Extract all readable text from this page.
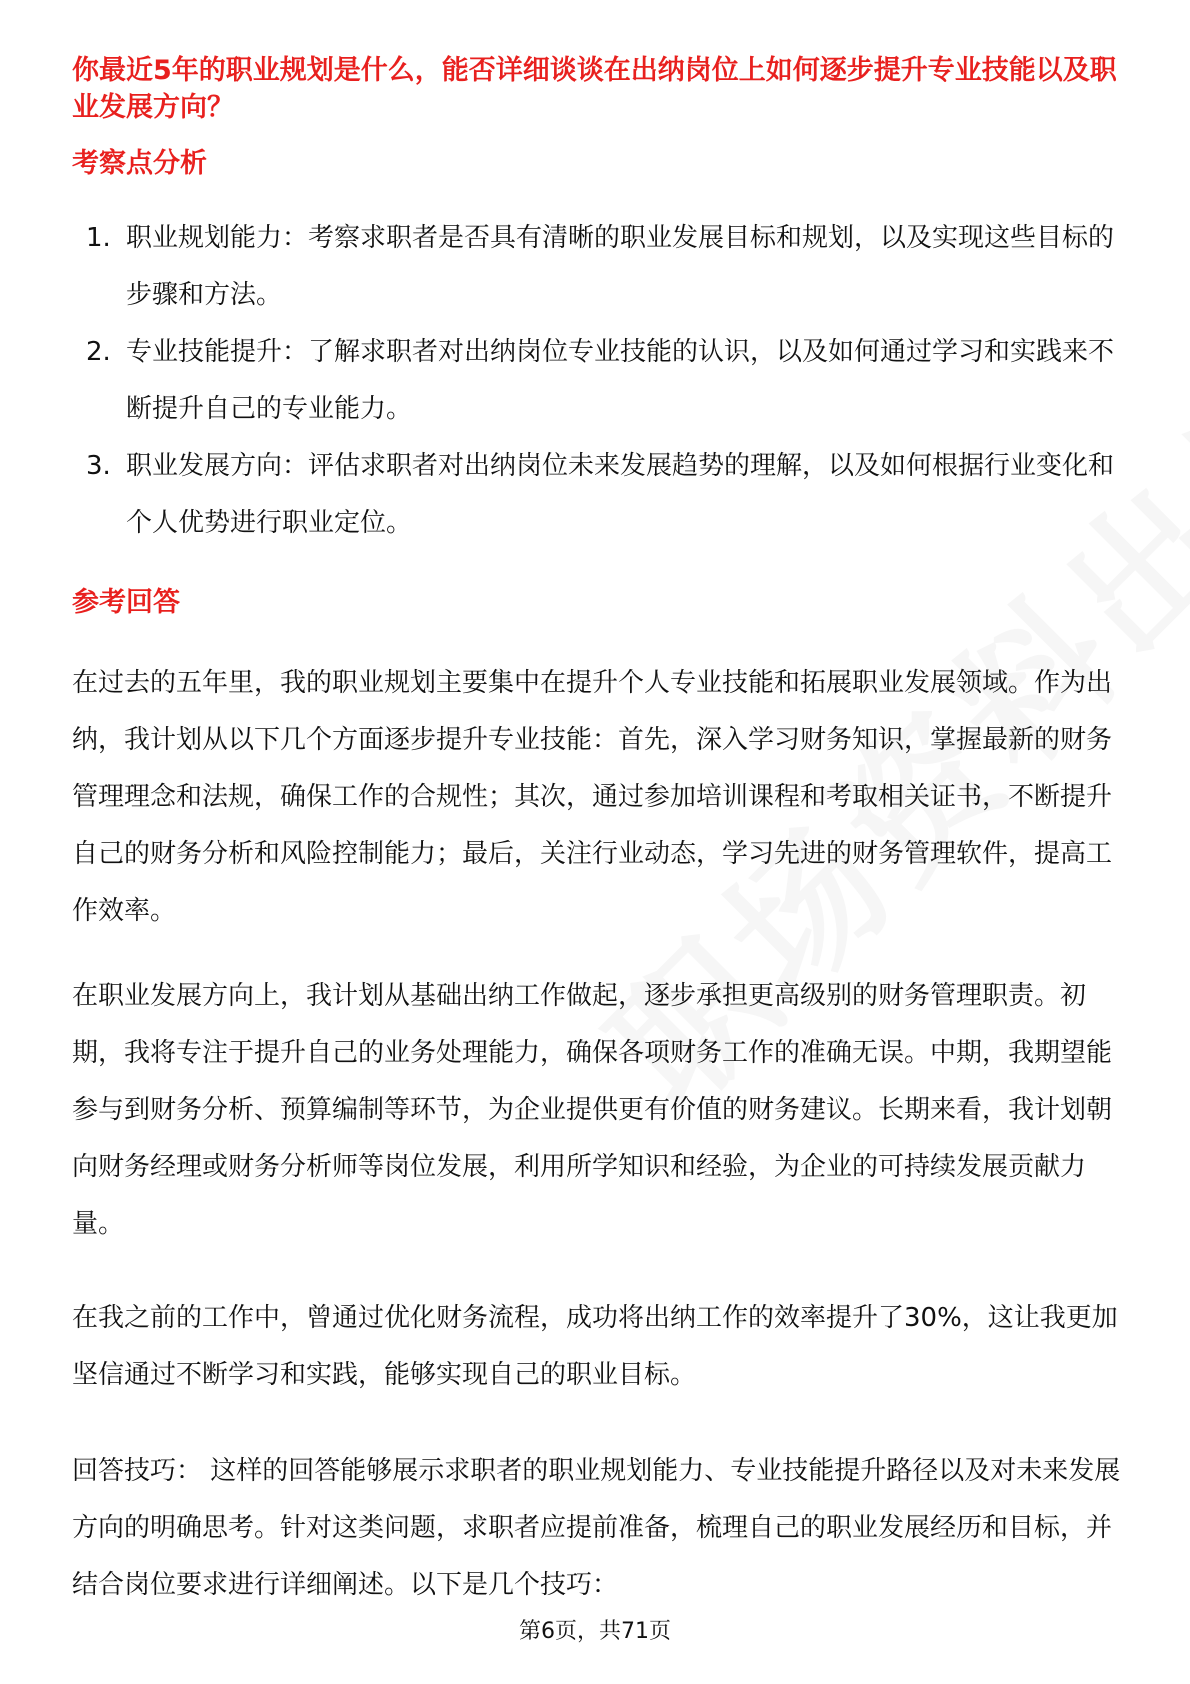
你最近5年的职业规划是什么，能否详细谈谈在出纳岗位上如何逐步提升专业技能以及职业发展方向？
考察点分析
1. 职业规划能力：考察求职者是否具有清晰的职业发展目标和规划，以及实现这些目标的步骤和方法。
2. 专业技能提升：了解求职者对出纳岗位专业技能的认识，以及如何通过学习和实践来不断提升自己的专业能力。
3. 职业发展方向：评估求职者对出纳岗位未来发展趋势的理解，以及如何根据行业变化和个人优势进行职业定位。
参考回答

在过去的五年里，我的职业规划主要集中在提升个人专业技能和拓展职业发展领域。作为出纳，我计划从以下几个方面逐步提升专业技能：首先，深入学习财务知识，掌握最新的财务管理理念和法规，确保工作的合规性；其次，通过参加培训课程和考取相关证书，不断提升自己的财务分析和风险控制能力；最后，关注行业动态，学习先进的财务管理软件，提高工作效率。

在职业发展方向上，我计划从基础出纳工作做起，逐步承担更高级别的财务管理职责。初期，我将专注于提升自己的业务处理能力，确保各项财务工作的准确无误。中期，我期望能参与到财务分析、预算编制等环节，为企业提供更有价值的财务建议。长期来看，我计划朝向财务经理或财务分析师等岗位发展，利用所学知识和经验，为企业的可持续发展贡献力量。

在我之前的工作中，曾通过优化财务流程，成功将出纳工作的效率提升了30%，这让我更加坚信通过不断学习和实践，能够实现自己的职业目标。

回答技巧： 这样的回答能够展示求职者的职业规划能力、专业技能提升路径以及对未来发展方向的明确思考。针对这类问题，求职者应提前准备，梳理自己的职业发展经历和目标，并结合岗位要求进行详细阐述。以下是几个技巧：

第6页，共71页
